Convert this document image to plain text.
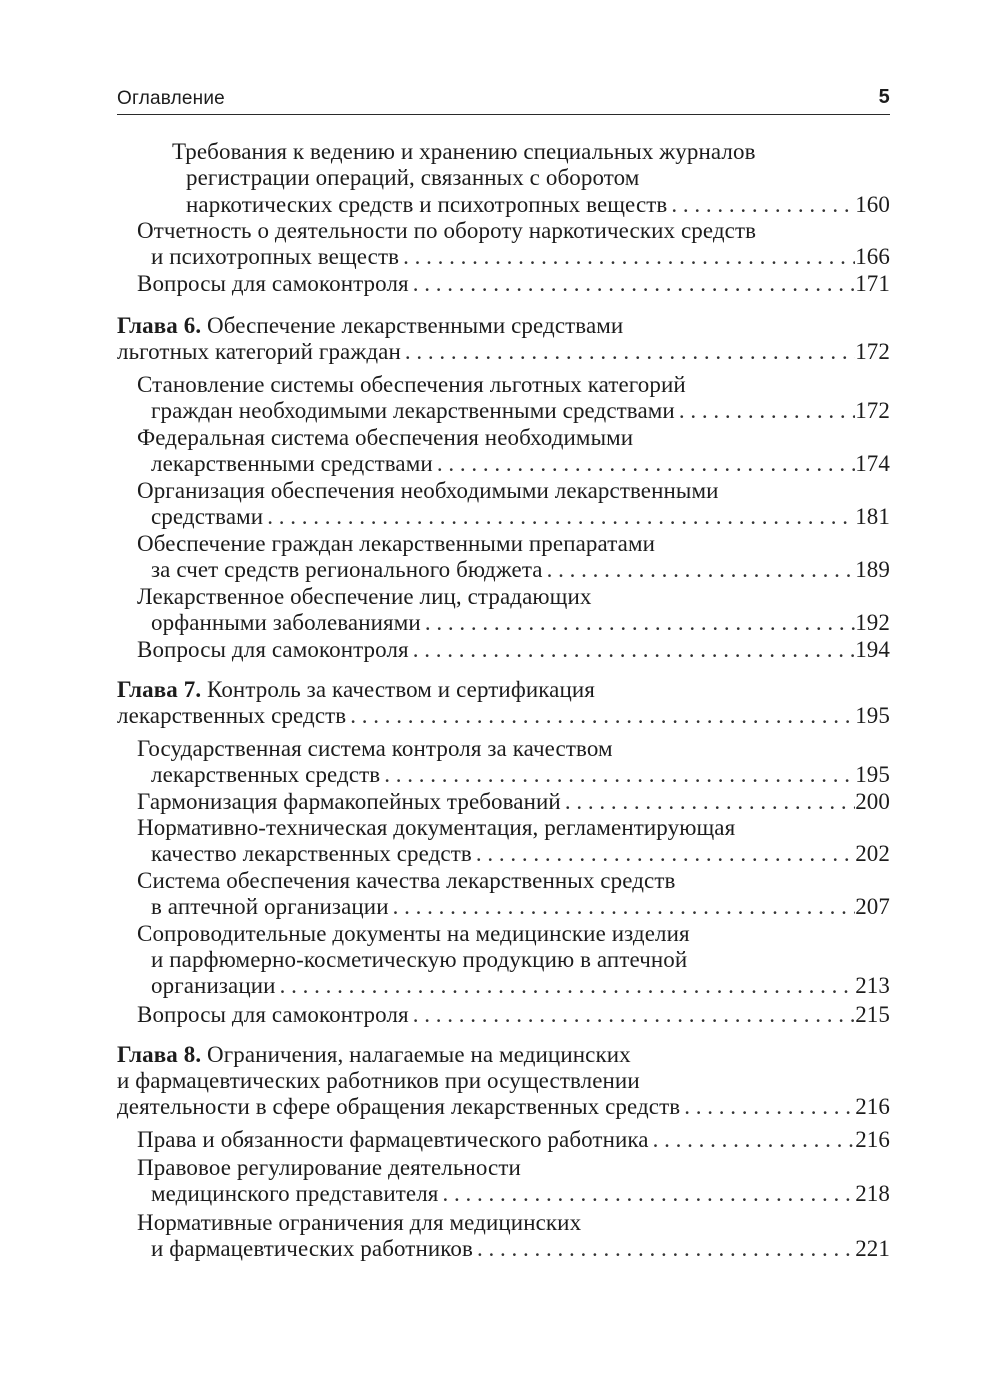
Оглавление	5
Требования к ведению и хранению специальных журналов
регистрации операций, связанных с оборотом
наркотических средств и психотропных веществ . . .	160
Отчетность о деятельности по обороту наркотических средств
и психотропных веществ . . .	166
Вопросы для самоконтроля . . .	171
Глава 6. Обеспечение лекарственными средствами
льготных категорий граждан . . .	172
Становление системы обеспечения льготных категорий
граждан необходимыми лекарственными средствами . . .	172
Федеральная система обеспечения необходимыми
лекарственными средствами . . .	174
Организация обеспечения необходимыми лекарственными
средствами . . .	181
Обеспечение граждан лекарственными препаратами
за счет средств регионального бюджета . . .	189
Лекарственное обеспечение лиц, страдающих
орфанными заболеваниями . . .	192
Вопросы для самоконтроля . . .	194
Глава 7. Контроль за качеством и сертификация
лекарственных средств . . .	195
Государственная система контроля за качеством
лекарственных средств . . .	195
Гармонизация фармакопейных требований . . .	200
Нормативно-техническая документация, регламентирующая
качество лекарственных средств . . .	202
Система обеспечения качества лекарственных средств
в аптечной организации . . .	207
Сопроводительные документы на медицинские изделия
и парфюмерно-косметическую продукцию в аптечной
организации . . .	213
Вопросы для самоконтроля . . .	215
Глава 8. Ограничения, налагаемые на медицинских
и фармацевтических работников при осуществлении
деятельности в сфере обращения лекарственных средств . . .	216
Права и обязанности фармацевтического работника . . .	216
Правовое регулирование деятельности
медицинского представителя . . .	218
Нормативные ограничения для медицинских
и фармацевтических работников . . .	221
